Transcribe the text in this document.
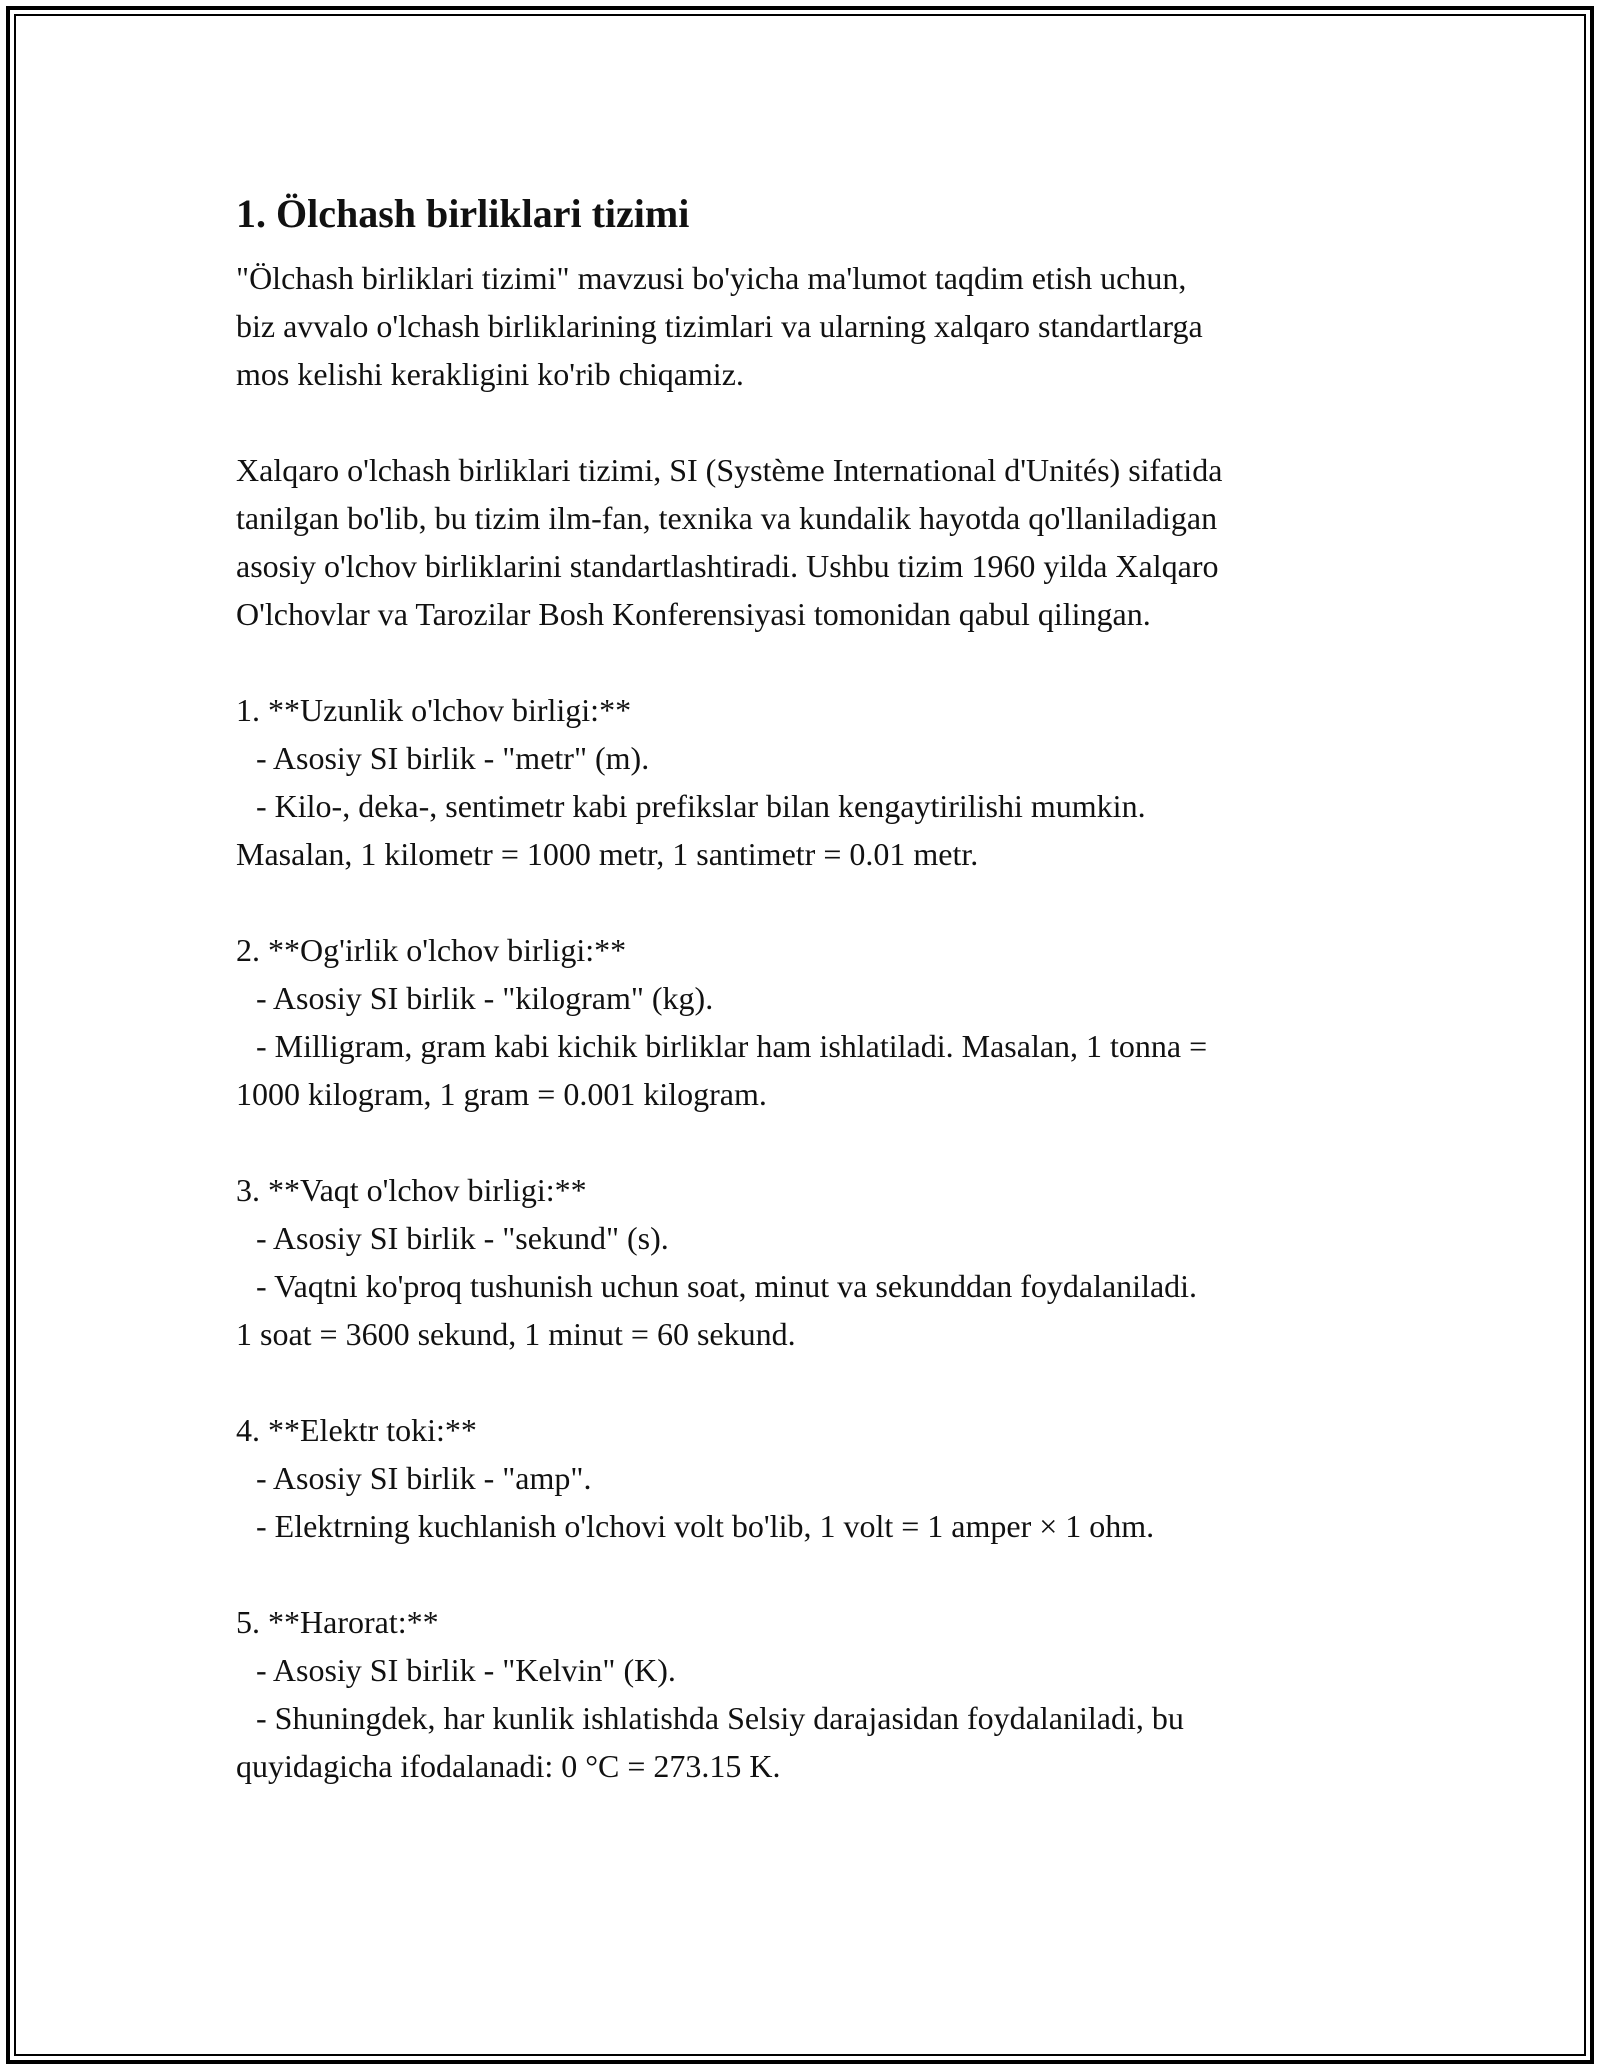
1. Ölchash birliklari tizimi
"Ölchash birliklari tizimi" mavzusi bo'yicha ma'lumot taqdim etish uchun,
biz avvalo o'lchash birliklarining tizimlari va ularning xalqaro standartlarga
mos kelishi kerakligini ko'rib chiqamiz.
Xalqaro o'lchash birliklari tizimi, SI (Système International d'Unités) sifatida
tanilgan bo'lib, bu tizim ilm-fan, texnika va kundalik hayotda qo'llaniladigan
asosiy o'lchov birliklarini standartlashtiradi. Ushbu tizim 1960 yilda Xalqaro
O'lchovlar va Tarozilar Bosh Konferensiyasi tomonidan qabul qilingan.
1. **Uzunlik o'lchov birligi:**
- Asosiy SI birlik - "metr" (m).
- Kilo-, deka-, sentimetr kabi prefikslar bilan kengaytirilishi mumkin.
Masalan, 1 kilometr = 1000 metr, 1 santimetr = 0.01 metr.
2. **Og'irlik o'lchov birligi:**
- Asosiy SI birlik - "kilogram" (kg).
- Milligram, gram kabi kichik birliklar ham ishlatiladi. Masalan, 1 tonna =
1000 kilogram, 1 gram = 0.001 kilogram.
3. **Vaqt o'lchov birligi:**
- Asosiy SI birlik - "sekund" (s).
- Vaqtni ko'proq tushunish uchun soat, minut va sekunddan foydalaniladi.
1 soat = 3600 sekund, 1 minut = 60 sekund.
4. **Elektr toki:**
- Asosiy SI birlik - "amp".
- Elektrning kuchlanish o'lchovi volt bo'lib, 1 volt = 1 amper × 1 ohm.
5. **Harorat:**
- Asosiy SI birlik - "Kelvin" (K).
- Shuningdek, har kunlik ishlatishda Selsiy darajasidan foydalaniladi, bu
quyidagicha ifodalanadi: 0 °C = 273.15 K.
